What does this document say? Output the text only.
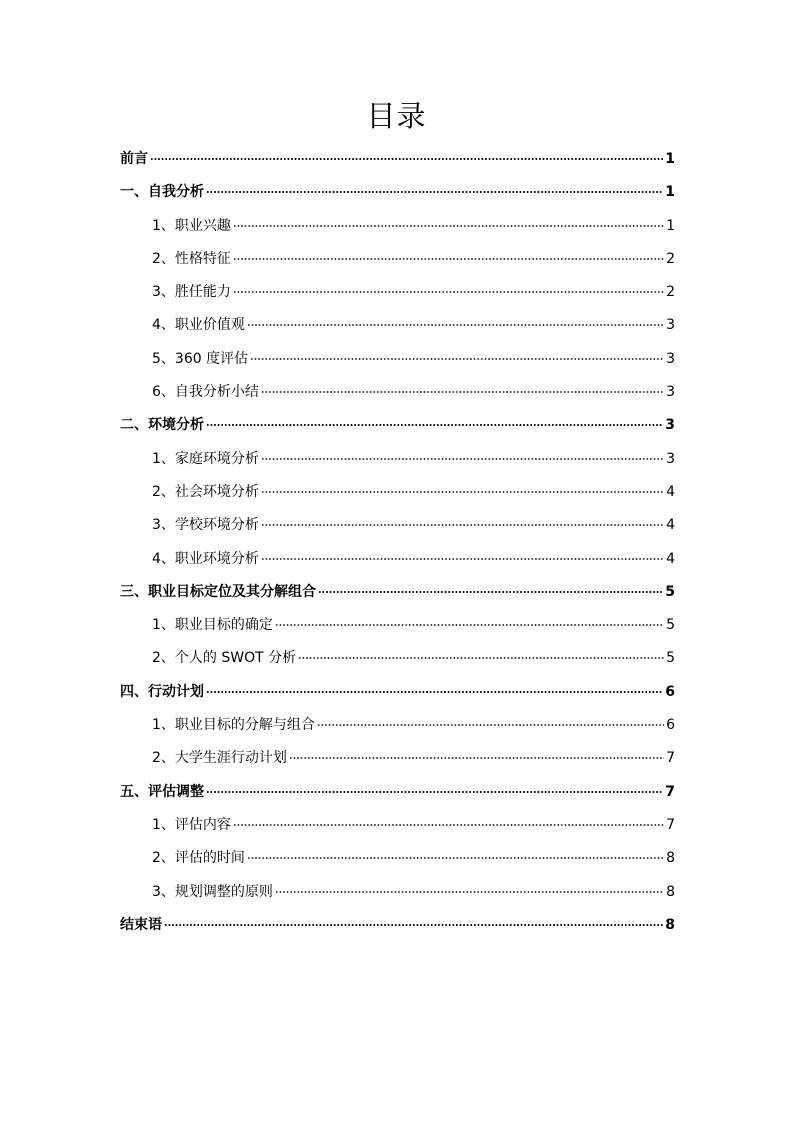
目录
前言	1
一、自我分析	1
1、职业兴趣	1
2、性格特征	2
3、胜任能力	2
4、职业价值观	3
5、360 度评估	3
6、自我分析小结	3
二、环境分析	3
1、家庭环境分析	3
2、社会环境分析	4
3、学校环境分析	4
4、职业环境分析	4
三、职业目标定位及其分解组合	5
1、职业目标的确定	5
2、个人的 SWOT 分析	5
四、行动计划	6
1、职业目标的分解与组合	6
2、大学生涯行动计划	7
五、评估调整	7
1、评估内容	7
2、评估的时间	8
3、规划调整的原则	8
结束语	8
